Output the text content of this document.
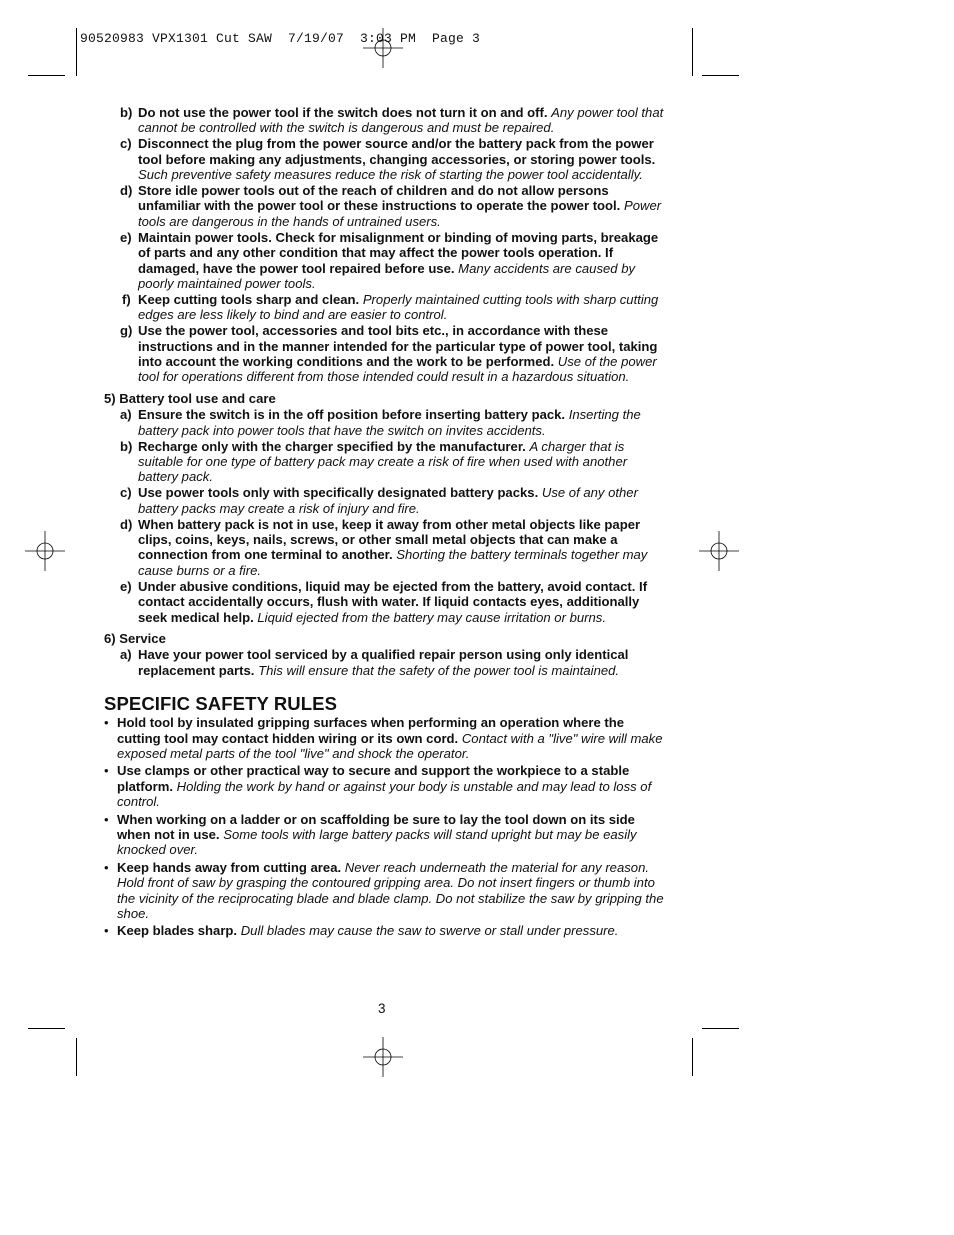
90520983 VPX1301 Cut SAW  7/19/07  3:03 PM  Page 3
b) Do not use the power tool if the switch does not turn it on and off. Any power tool that cannot be controlled with the switch is dangerous and must be repaired.
c) Disconnect the plug from the power source and/or the battery pack from the power tool before making any adjustments, changing accessories, or storing power tools. Such preventive safety measures reduce the risk of starting the power tool accidentally.
d) Store idle power tools out of the reach of children and do not allow persons unfamiliar with the power tool or these instructions to operate the power tool. Power tools are dangerous in the hands of untrained users.
e) Maintain power tools. Check for misalignment or binding of moving parts, breakage of parts and any other condition that may affect the power tools operation. If damaged, have the power tool repaired before use. Many accidents are caused by poorly maintained power tools.
f) Keep cutting tools sharp and clean. Properly maintained cutting tools with sharp cutting edges are less likely to bind and are easier to control.
g) Use the power tool, accessories and tool bits etc., in accordance with these instructions and in the manner intended for the particular type of power tool, taking into account the working conditions and the work to be performed. Use of the power tool for operations different from those intended could result in a hazardous situation.
5) Battery tool use and care
a) Ensure the switch is in the off position before inserting battery pack. Inserting the battery pack into power tools that have the switch on invites accidents.
b) Recharge only with the charger specified by the manufacturer. A charger that is suitable for one type of battery pack may create a risk of fire when used with another battery pack.
c) Use power tools only with specifically designated battery packs. Use of any other battery packs may create a risk of injury and fire.
d) When battery pack is not in use, keep it away from other metal objects like paper clips, coins, keys, nails, screws, or other small metal objects that can make a connection from one terminal to another. Shorting the battery terminals together may cause burns or a fire.
e) Under abusive conditions, liquid may be ejected from the battery, avoid contact. If contact accidentally occurs, flush with water. If liquid contacts eyes, additionally seek medical help. Liquid ejected from the battery may cause irritation or burns.
6) Service
a) Have your power tool serviced by a qualified repair person using only identical replacement parts. This will ensure that the safety of the power tool is maintained.
SPECIFIC SAFETY RULES
• Hold tool by insulated gripping surfaces when performing an operation where the cutting tool may contact hidden wiring or its own cord. Contact with a "live" wire will make exposed metal parts of the tool "live" and shock the operator.
• Use clamps or other practical way to secure and support the workpiece to a stable platform. Holding the work by hand or against your body is unstable and may lead to loss of control.
• When working on a ladder or on scaffolding be sure to lay the tool down on its side when not in use. Some tools with large battery packs will stand upright but may be easily knocked over.
• Keep hands away from cutting area. Never reach underneath the material for any reason. Hold front of saw by grasping the contoured gripping area. Do not insert fingers or thumb into the vicinity of the reciprocating blade and blade clamp. Do not stabilize the saw by gripping the shoe.
• Keep blades sharp. Dull blades may cause the saw to swerve or stall under pressure.
3
